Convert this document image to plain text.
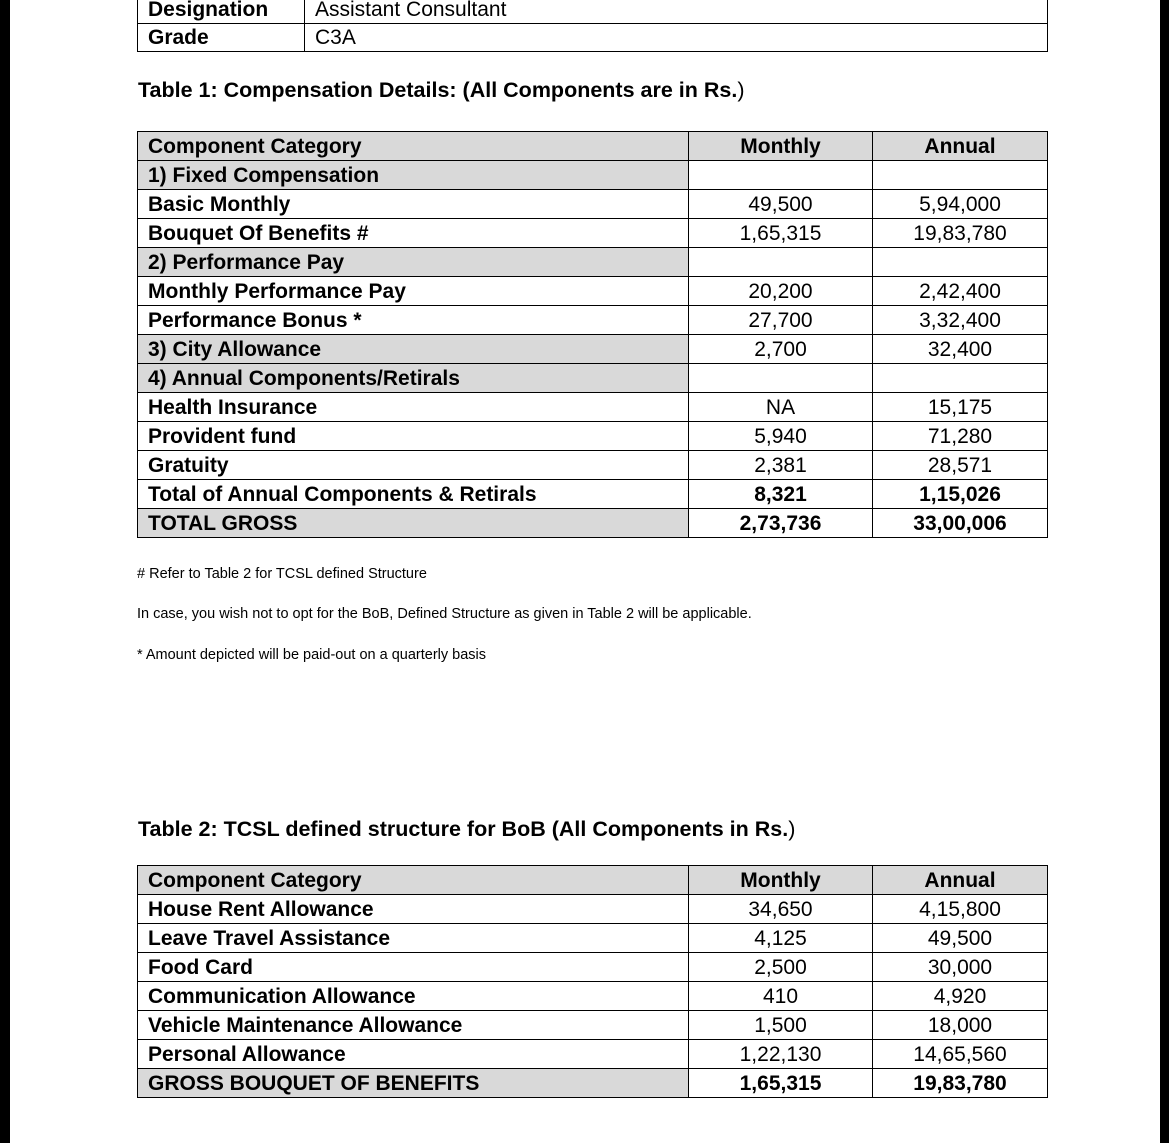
Designation	Assistant Consultant
Grade	C3A
Table 1: Compensation Details: (All Components are in Rs.)
Component Category	Monthly	Annual
1) Fixed Compensation		
Basic Monthly	49,500	5,94,000
Bouquet Of Benefits #	1,65,315	19,83,780
2) Performance Pay		
Monthly Performance Pay	20,200	2,42,400
Performance Bonus *	27,700	3,32,400
3) City Allowance	2,700	32,400
4) Annual Components/Retirals		
Health Insurance	NA	15,175
Provident fund	5,940	71,280
Gratuity	2,381	28,571
Total of Annual Components & Retirals	8,321	1,15,026
TOTAL GROSS	2,73,736	33,00,006
# Refer to Table 2 for TCSL defined Structure
In case, you wish not to opt for the BoB, Defined Structure as given in Table 2 will be applicable.
* Amount depicted will be paid-out on a quarterly basis
Table 2: TCSL defined structure for BoB (All Components in Rs.)
Component Category	Monthly	Annual
House Rent Allowance	34,650	4,15,800
Leave Travel Assistance	4,125	49,500
Food Card	2,500	30,000
Communication Allowance	410	4,920
Vehicle Maintenance Allowance	1,500	18,000
Personal Allowance	1,22,130	14,65,560
GROSS BOUQUET OF BENEFITS	1,65,315	19,83,780
